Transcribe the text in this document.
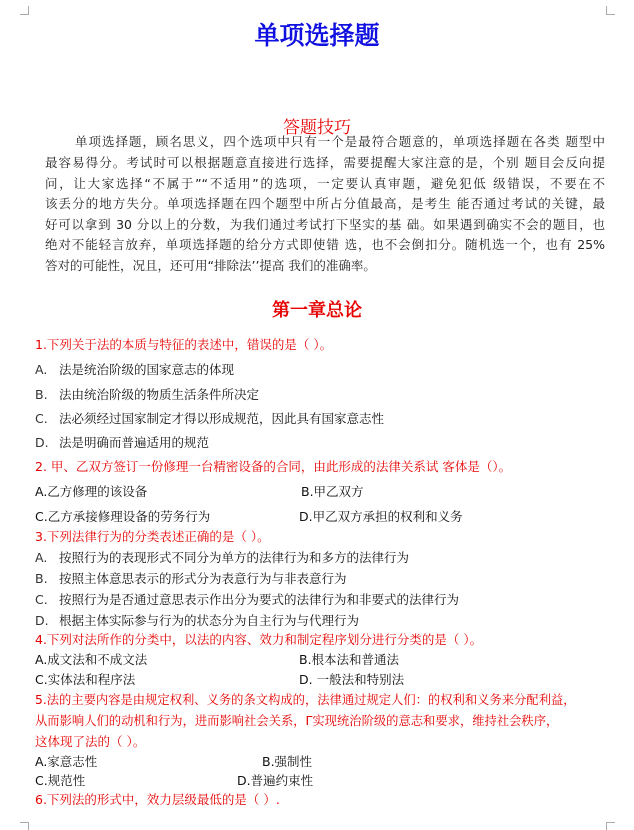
单项选择题
答题技巧
单项选择题，顾名思义，四个选项中只有一个是最符合题意的，单项选择题在各类 题型中
最容易得分。考试时可以根据题意直接进行选择，需要提醒大家注意的是，个别 题目会反向提
问，让大家选择“不属于”“不适用”的选项，一定要认真审题，避免犯低 级错误，不要在不
该丢分的地方失分。单项选择题在四个题型中所占分值最高，是考生 能否通过考试的关键，最
好可以拿到 30 分以上的分数，为我们通过考试打下坚实的基 础。如果遇到确实不会的题目，也
绝对不能轻言放弃，单项选择题的给分方式即使错 选，也不会倒扣分。随机选一个，也有 25%
答对的可能性，况且，还可用“排除法’’提高 我们的准确率。
第一章总论
1.下列关于法的本质与特征的表述中，错误的是（ ）。
A. 法是统治阶级的国家意志的体现
B. 法由统治阶级的物质生活条件所决定
C. 法必须经过国家制定才得以形成规范，因此具有国家意志性
D. 法是明确而普遍适用的规范
2. 甲、乙双方签订一份修理一台精密设备的合同，由此形成的法律关系试 客体是（）。
A.乙方修理的该设备	B.甲乙双方
C.乙方承接修理设备的劳务行为	D.甲乙双方承担的权利和义务
3.下列法律行为的分类表述正确的是（ ）。
A. 按照行为的表现形式不同分为单方的法律行为和多方的法律行为
B. 按照主体意思表示的形式分为表意行为与非表意行为
C. 按照行为是否通过意思表示作出分为要式的法律行为和非要式的法律行为
D. 根据主体实际参与行为的状态分为自主行为与代理行为
4.下列对法所作的分类中，以法的内容、效力和制定程序划分进行分类的是（ ）。
A.成文法和不成文法	B.根本法和普通法
C.实体法和程序法	D. 一般法和特别法
5.法的主要内容是由规定权利、义务的条文构成的，法律通过规定人们：的权利和义务来分配利益，
从而影响人们的动机和行为，进而影响社会关系，Γ实现统治阶级的意志和要求，维持社会秩序，
这体现了法的（ ）。
A.家意志性	B.强制性
C.规范性	D.普遍约束性
6.下列法的形式中，效力层级最低的是（ ）.
